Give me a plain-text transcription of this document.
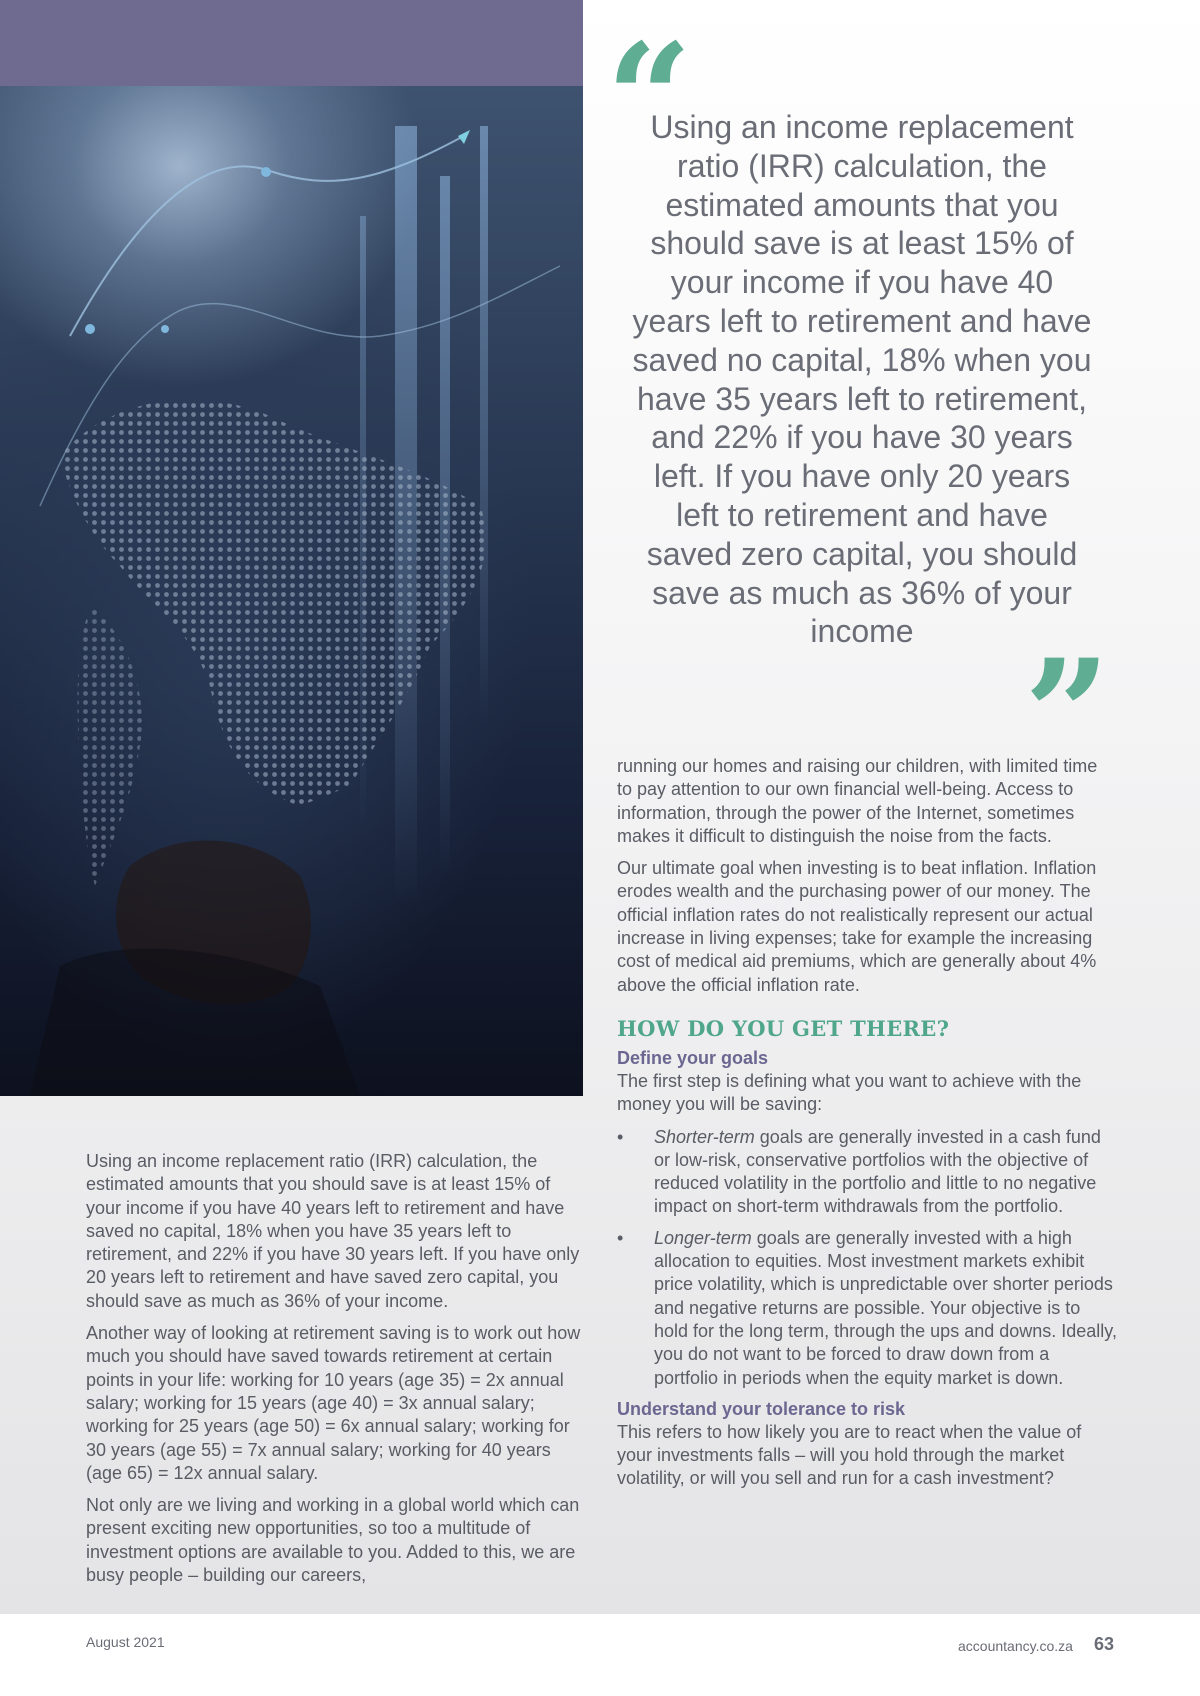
“

Using an income replacement ratio (IRR) calculation, the estimated amounts that you should save is at least 15% of your income if you have 40 years left to retirement and have saved no capital, 18% when you have 35 years left to retirement, and 22% if you have 30 years left. If you have only 20 years left to retirement and have saved zero capital, you should save as much as 36% of your income ”

Using an income replacement ratio (IRR) calculation, the estimated amounts that you should save is at least 15% of your income if you have 40 years left to retirement and have saved no capital, 18% when you have 35 years left to retirement, and 22% if you have 30 years left. If you have only 20 years left to retirement and have saved zero capital, you should save as much as 36% of your income.

Another way of looking at retirement saving is to work out how much you should have saved towards retirement at certain points in your life: working for 10 years (age 35) = 2x annual salary; working for 15 years (age 40) = 3x annual salary; working for 25 years (age 50) = 6x annual salary; working for 30 years (age 55) = 7x annual salary; working for 40 years (age 65) = 12x annual salary.

Not only are we living and working in a global world which can present exciting new opportunities, so too a multitude of investment options are available to you. Added to this, we are busy people – building our careers,

running our homes and raising our children, with limited time to pay attention to our own financial well-being. Access to information, through the power of the Internet, sometimes makes it difficult to distinguish the noise from the facts.

Our ultimate goal when investing is to beat inflation. Inflation erodes wealth and the purchasing power of our money. The official inflation rates do not realistically represent our actual increase in living expenses; take for example the increasing cost of medical aid premiums, which are generally about 4% above the official inflation rate.

HOW DO YOU GET THERE?
Define your goals

The first step is defining what you want to achieve with the money you will be saving:

• Shorter-term goals are generally invested in a cash fund or low-risk, conservative portfolios with the objective of reduced volatility in the portfolio and little to no negative impact on short-term withdrawals from the portfolio.
• Longer-term goals are generally invested with a high allocation to equities. Most investment markets exhibit price volatility, which is unpredictable over shorter periods and negative returns are possible. Your objective is to hold for the long term, through the ups and downs. Ideally, you do not want to be forced to draw down from a portfolio in periods when the equity market is down.
Understand your tolerance to risk

This refers to how likely you are to react when the value of your investments falls – will you hold through the market volatility, or will you sell and run for a cash investment?

August 2021	accountancy.co.za 63
